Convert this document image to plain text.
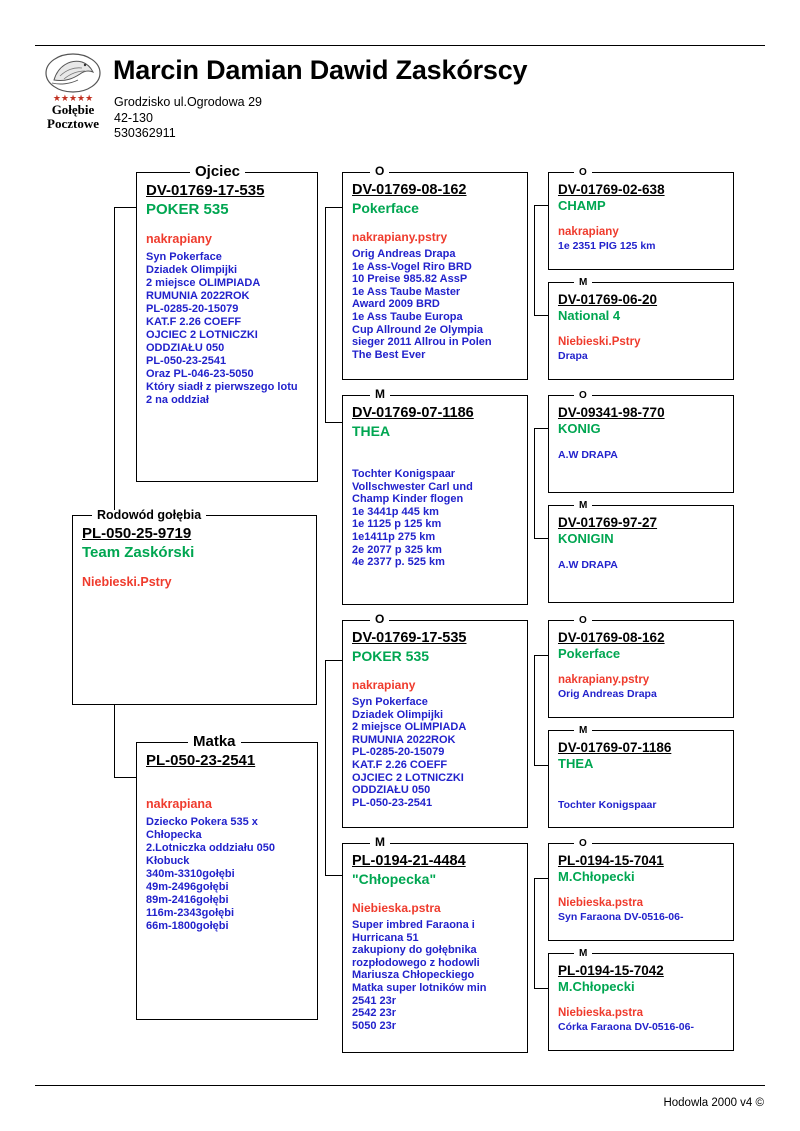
★★★★★
Gołębie
Pocztowe
Marcin Damian Dawid Zaskórscy
Grodzisko ul.Ogrodowa 29
42-130
530362911
Hodowla 2000 v4 ©
PL-050-25-9719
Team Zaskórski
Niebieski.Pstry
Rodowód gołębia
DV-01769-17-535
POKER 535
nakrapiany
Syn Pokerface
Dziadek Olimpijki
2 miejsce OLIMPIADA
RUMUNIA 2022ROK
PL-0285-20-15079
KAT.F 2.26 COEFF
OJCIEC 2 LOTNICZKI
ODDZIAŁU 050
PL-050-23-2541
Oraz PL-046-23-5050
Który siadł z pierwszego lotu
2 na oddział
Ojciec
PL-050-23-2541
nakrapiana
Dziecko Pokera 535 x
Chłopecka
2.Lotniczka oddziału 050
Kłobuck
340m-3310gołębi
49m-2496gołębi
89m-2416gołębi
116m-2343gołębi
66m-1800gołębi
Matka
DV-01769-08-162
Pokerface
nakrapiany.pstry
Orig Andreas Drapa
1e Ass-Vogel Riro BRD
10 Preise 985.82 AssP
1e Ass Taube Master
Award 2009 BRD
1e Ass Taube Europa
Cup Allround 2e Olympia
sieger 2011 Allrou in Polen
The Best Ever
O
DV-01769-07-1186
THEA
Tochter Konigspaar
Vollschwester Carl und
Champ Kinder flogen
1e 3441p 445 km
1e 1125 p 125 km
1e1411p 275 km
2e 2077 p 325 km
4e 2377 p. 525 km
M
DV-01769-17-535
POKER 535
nakrapiany
Syn Pokerface
Dziadek Olimpijki
2 miejsce OLIMPIADA
RUMUNIA 2022ROK
PL-0285-20-15079
KAT.F 2.26 COEFF
OJCIEC 2 LOTNICZKI
ODDZIAŁU 050
PL-050-23-2541
O
PL-0194-21-4484
"Chłopecka"
Niebieska.pstra
Super imbred Faraona i
Hurricana 51
zakupiony do gołębnika
rozpłodowego z hodowli
Mariusza Chłopeckiego
Matka super lotników min
2541 23r
2542 23r
5050 23r
M
DV-01769-02-638
CHAMP
nakrapiany
1e 2351 PIG 125 km
O
DV-01769-06-20
National 4
Niebieski.Pstry
Drapa
M
DV-09341-98-770
KONIG
A.W DRAPA
O
DV-01769-97-27
KONIGIN
A.W DRAPA
M
DV-01769-08-162
Pokerface
nakrapiany.pstry
Orig Andreas Drapa
O
DV-01769-07-1186
THEA
Tochter Konigspaar
M
PL-0194-15-7041
M.Chłopecki
Niebieska.pstra
Syn Faraona DV-0516-06-
O
PL-0194-15-7042
M.Chłopecki
Niebieska.pstra
Córka Faraona DV-0516-06-
M
